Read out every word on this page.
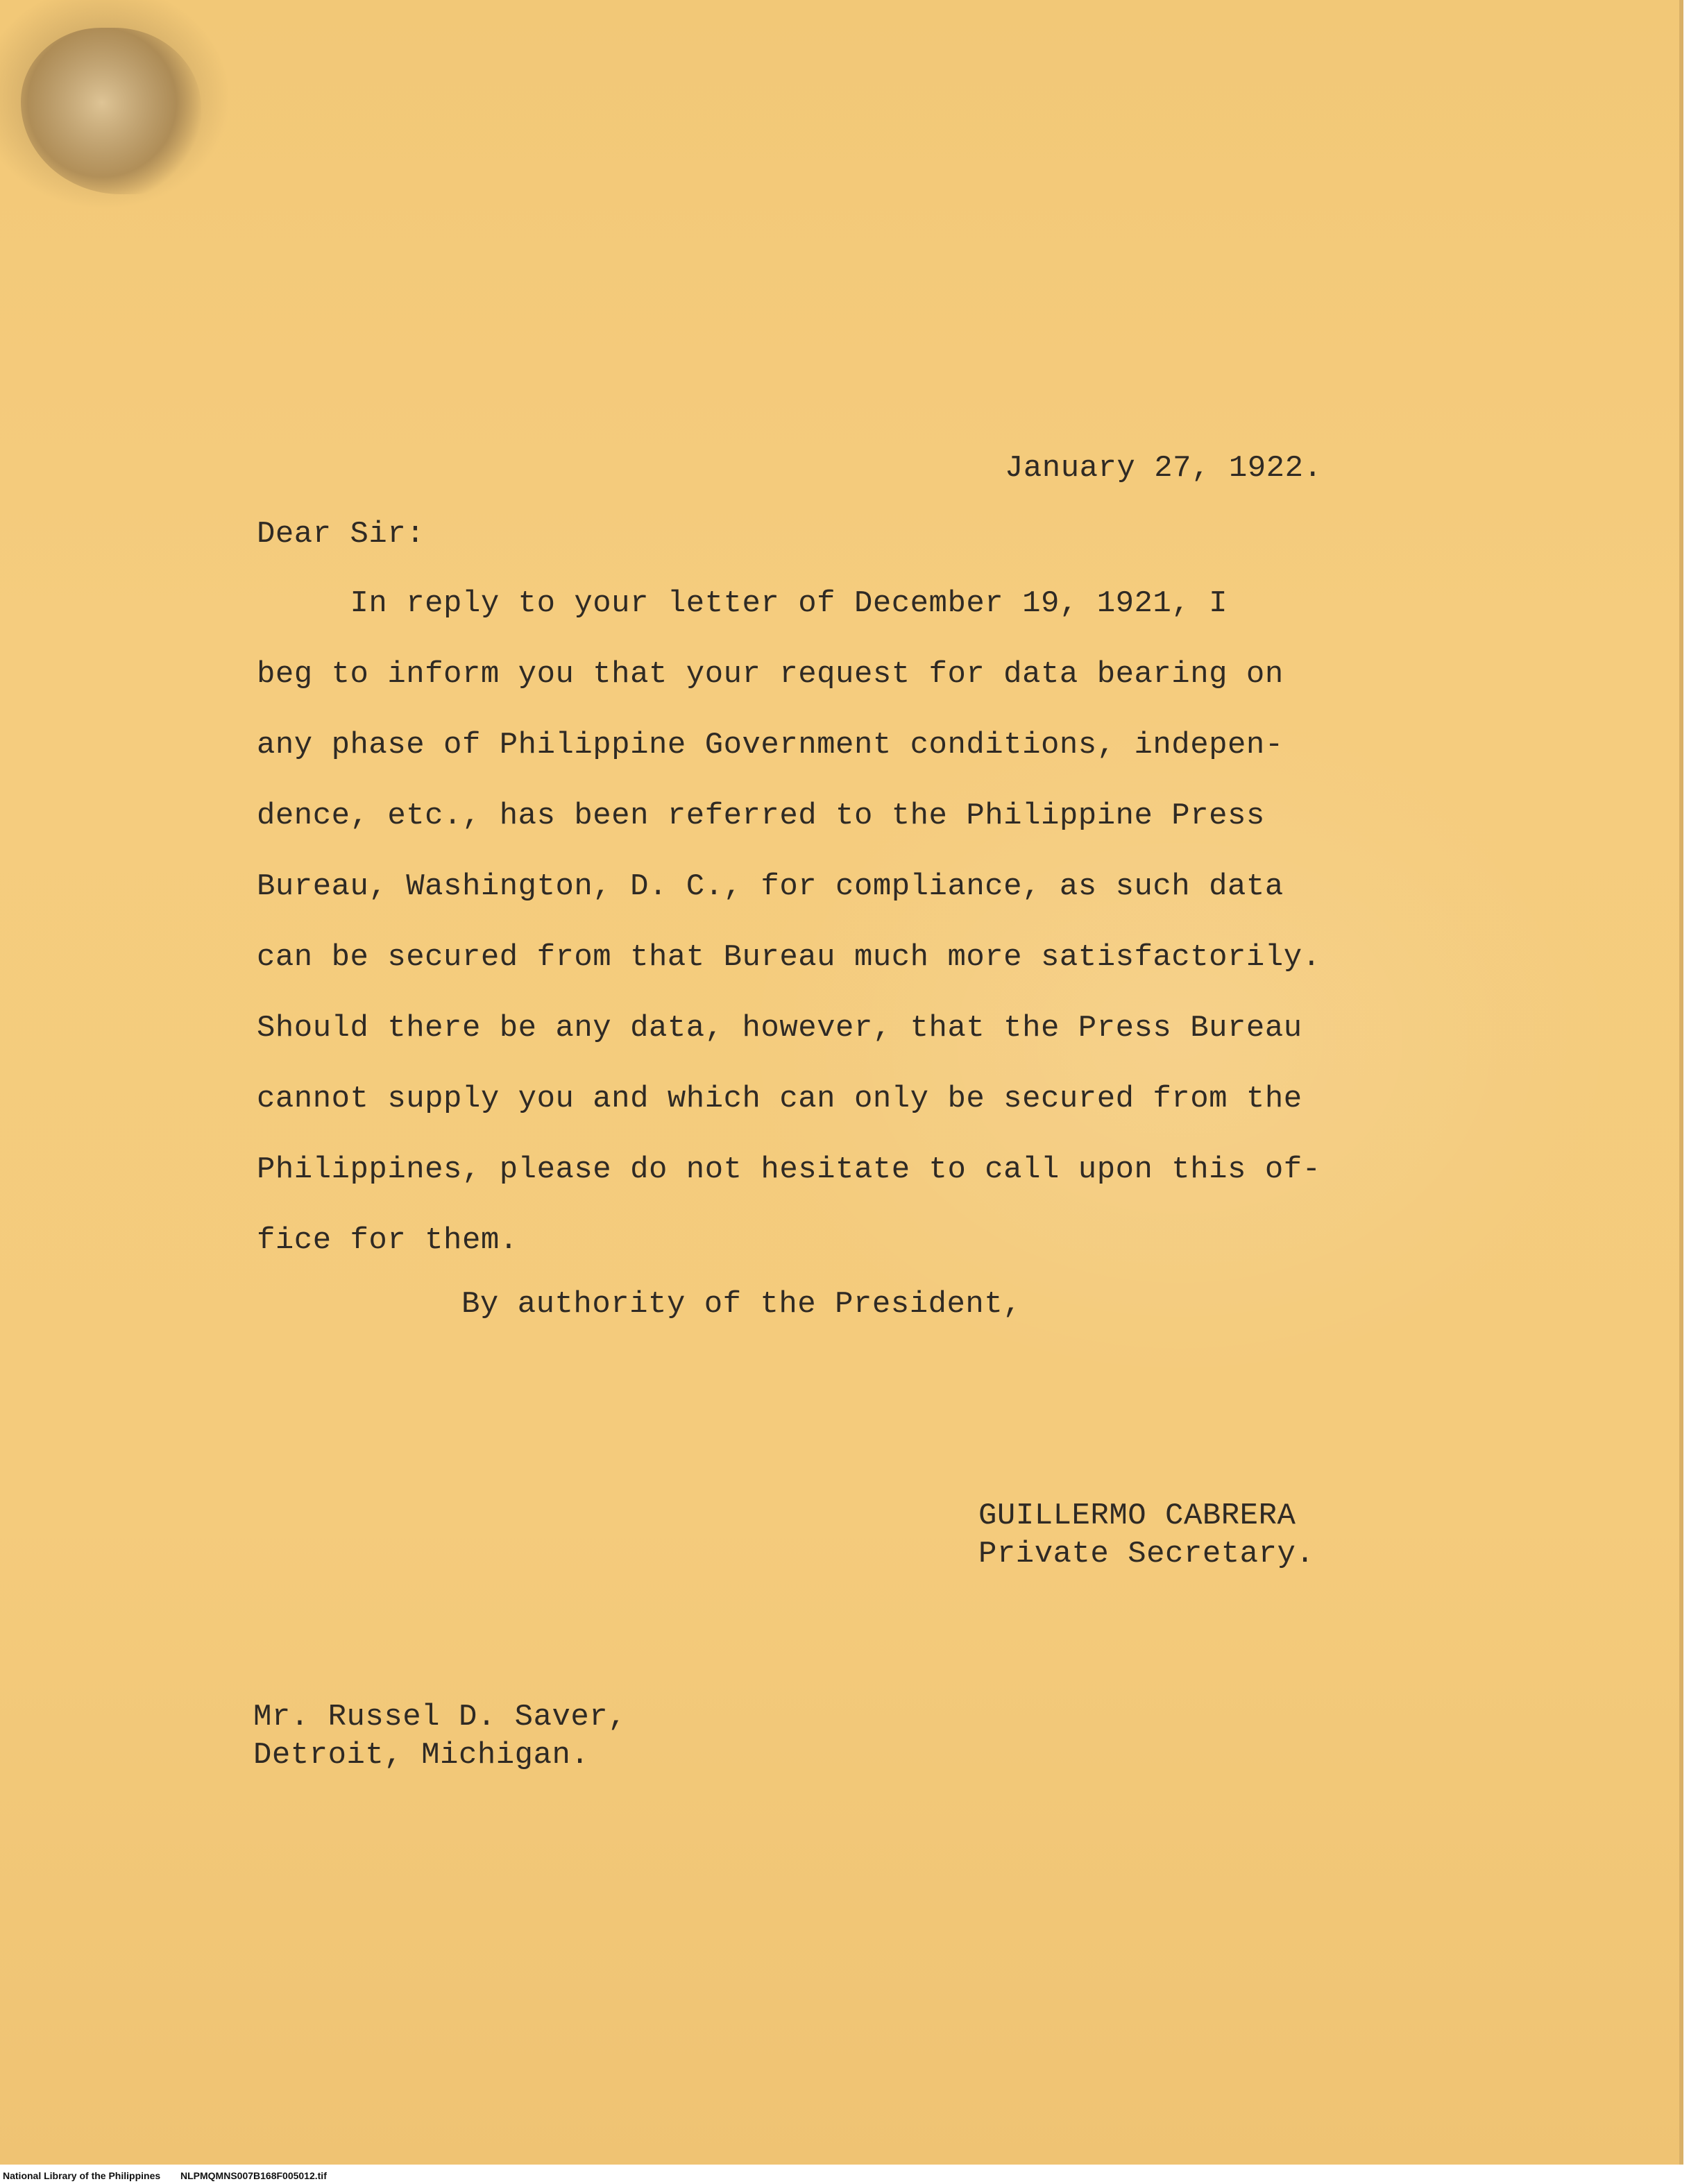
January 27, 1922.
Dear Sir:
In reply to your letter of December 19, 1921, I
beg to inform you that your request for data bearing on
any phase of Philippine Government conditions, indepen-
dence, etc., has been referred to the Philippine Press
Bureau, Washington, D. C., for compliance, as such data
can be secured from that Bureau much more satisfactorily.
Should there be any data, however, that the Press Bureau
cannot supply you and which can only be secured from the
Philippines, please do not hesitate to call upon this of-
fice for them.
By authority of the President,
GUILLERMO CABRERA
Private Secretary.
Mr. Russel D. Saver,
Detroit, Michigan.
National Library of the Philippines NLPMQMNS007B168F005012.tif
